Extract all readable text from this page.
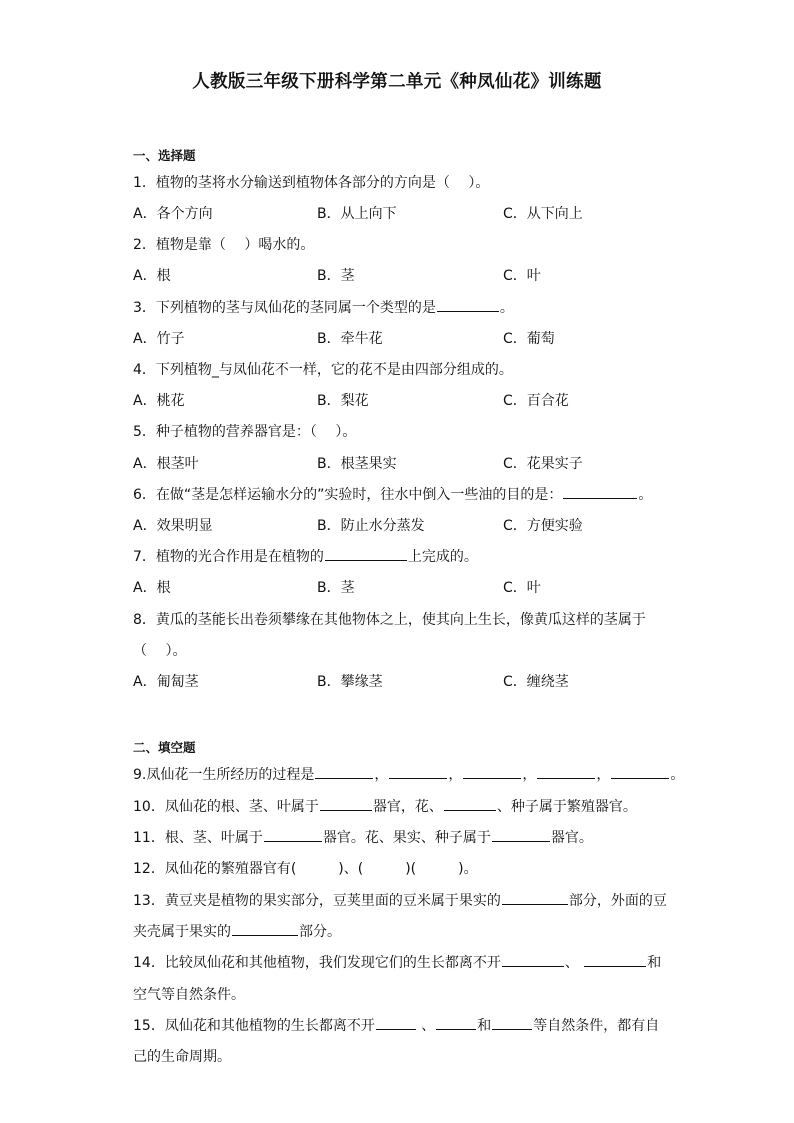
人教版三年级下册科学第二单元《种凤仙花》训练题
一、选择题
1．植物的茎将水分输送到植物体各部分的方向是（　 ）。
A．各个方向	B．从上向下	C．从下向上
2．植物是靠（　 ）喝水的。
A．根	B．茎	C．叶
3．下列植物的茎与凤仙花的茎同属一个类型的是	。
A．竹子	B．牵牛花	C．葡萄
4．下列植物_与凤仙花不一样，它的花不是由四部分组成的。
A．桃花	B．梨花	C．百合花
5．种子植物的营养器官是：（　 ）。
A．根茎叶	B．根茎果实	C．花果实子
6．在做“茎是怎样运输水分的”实验时，往水中倒入一些油的目的是：	。
A．效果明显	B．防止水分蒸发	C．方便实验
7．植物的光合作用是在植物的	上完成的。
A．根	B．茎	C．叶
8．黄瓜的茎能长出卷须攀缘在其他物体之上，使其向上生长，像黄瓜这样的茎属于
（　 ）。
A．匍匐茎	B．攀缘茎	C．缠绕茎
二、填空题
9.凤仙花一生所经历的过程是	，	，	，	，	。
10．凤仙花的根、茎、叶属于	器官，花、	、种子属于繁殖器官。
11．根、茎、叶属于	器官。花、果实、种子属于	器官。
12．凤仙花的繁殖器官有(　　　)、(　　　)(　　　)。
13．黄豆夹是植物的果实部分，豆荚里面的豆米属于果实的	部分，外面的豆
夹壳属于果实的	部分。
14．比较凤仙花和其他植物，我们发现它们的生长都离不开	、	和
空气等自然条件。
15．凤仙花和其他植物的生长都离不开	、	和	等自然条件，都有自
己的生命周期。
